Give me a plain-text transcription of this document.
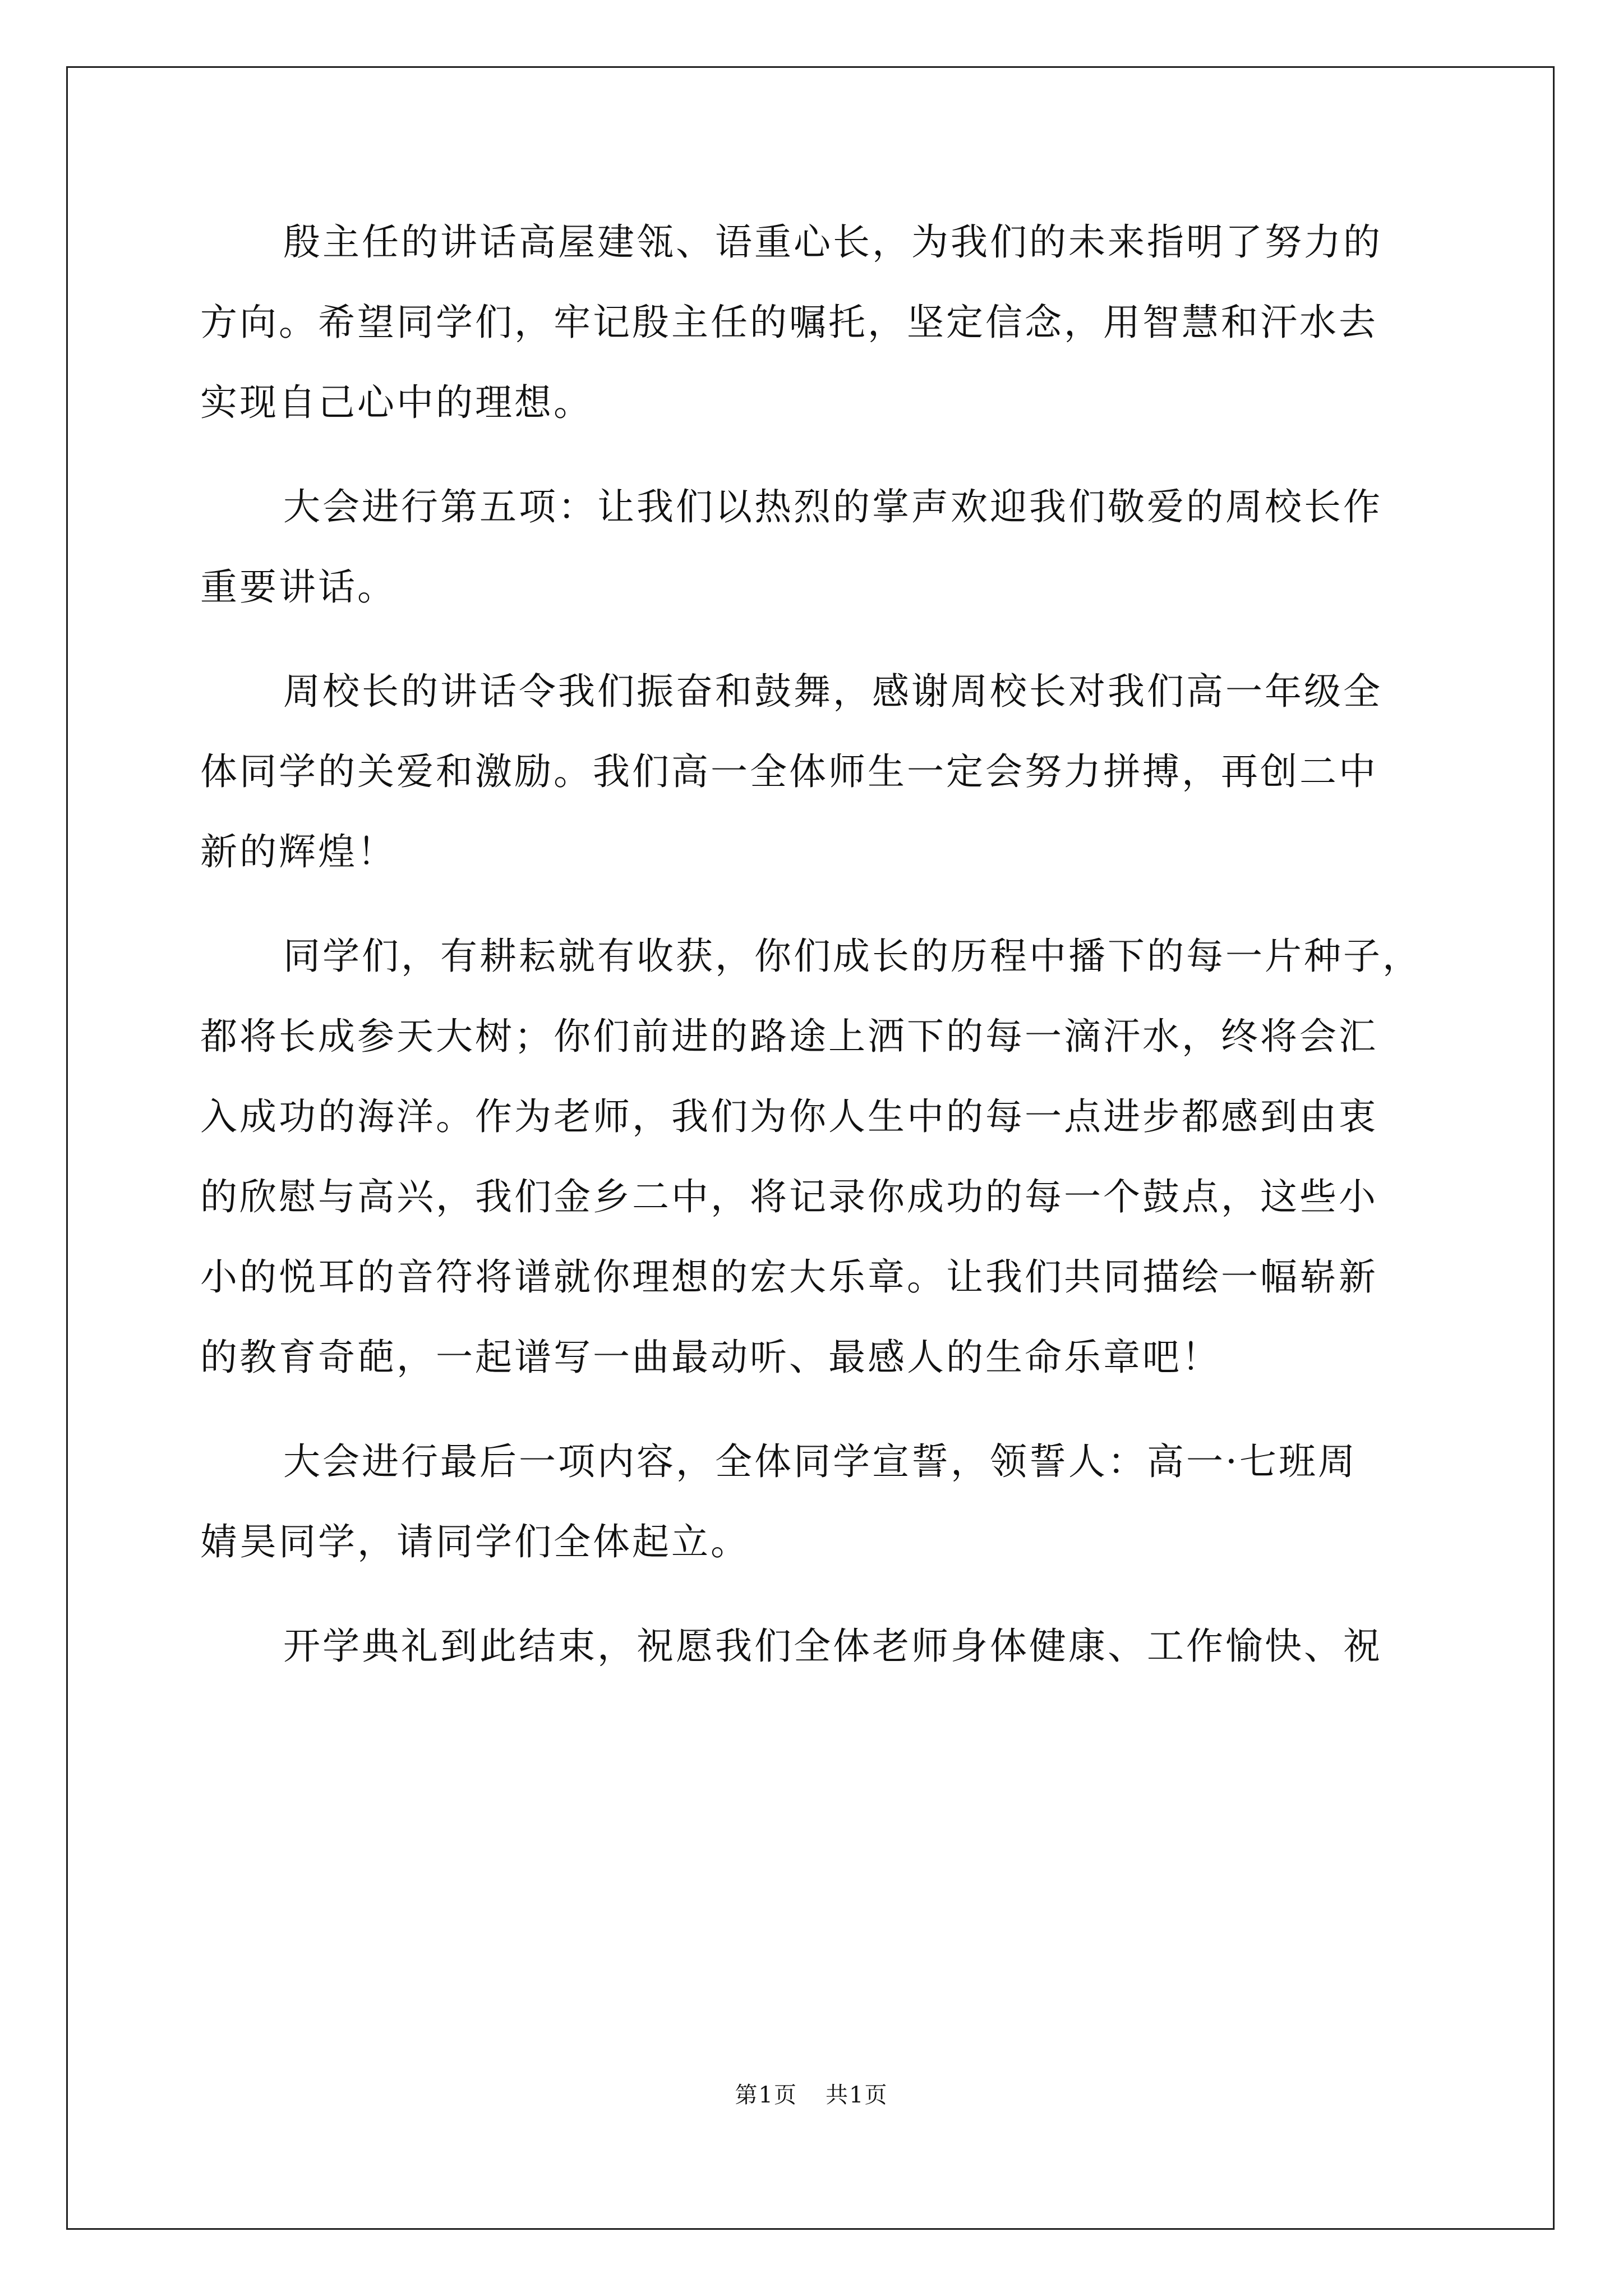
殷主任的讲话高屋建瓴、语重心长，为我们的未来指明了努力的
方向。希望同学们，牢记殷主任的嘱托，坚定信念，用智慧和汗水去
实现自己心中的理想。

大会进行第五项：让我们以热烈的掌声欢迎我们敬爱的周校长作
重要讲话。

周校长的讲话令我们振奋和鼓舞，感谢周校长对我们高一年级全
体同学的关爱和激励。我们高一全体师生一定会努力拼搏，再创二中
新的辉煌！

同学们，有耕耘就有收获，你们成长的历程中播下的每一片种子，
都将长成参天大树；你们前进的路途上洒下的每一滴汗水，终将会汇
入成功的海洋。作为老师，我们为你人生中的每一点进步都感到由衷
的欣慰与高兴，我们金乡二中，将记录你成功的每一个鼓点，这些小
小的悦耳的音符将谱就你理想的宏大乐章。让我们共同描绘一幅崭新
的教育奇葩，一起谱写一曲最动听、最感人的生命乐章吧！

大会进行最后一项内容，全体同学宣誓，领誓人：高一·七班周
婧昊同学，请同学们全体起立。

开学典礼到此结束，祝愿我们全体老师身体健康、工作愉快、祝

第1页 共1页
